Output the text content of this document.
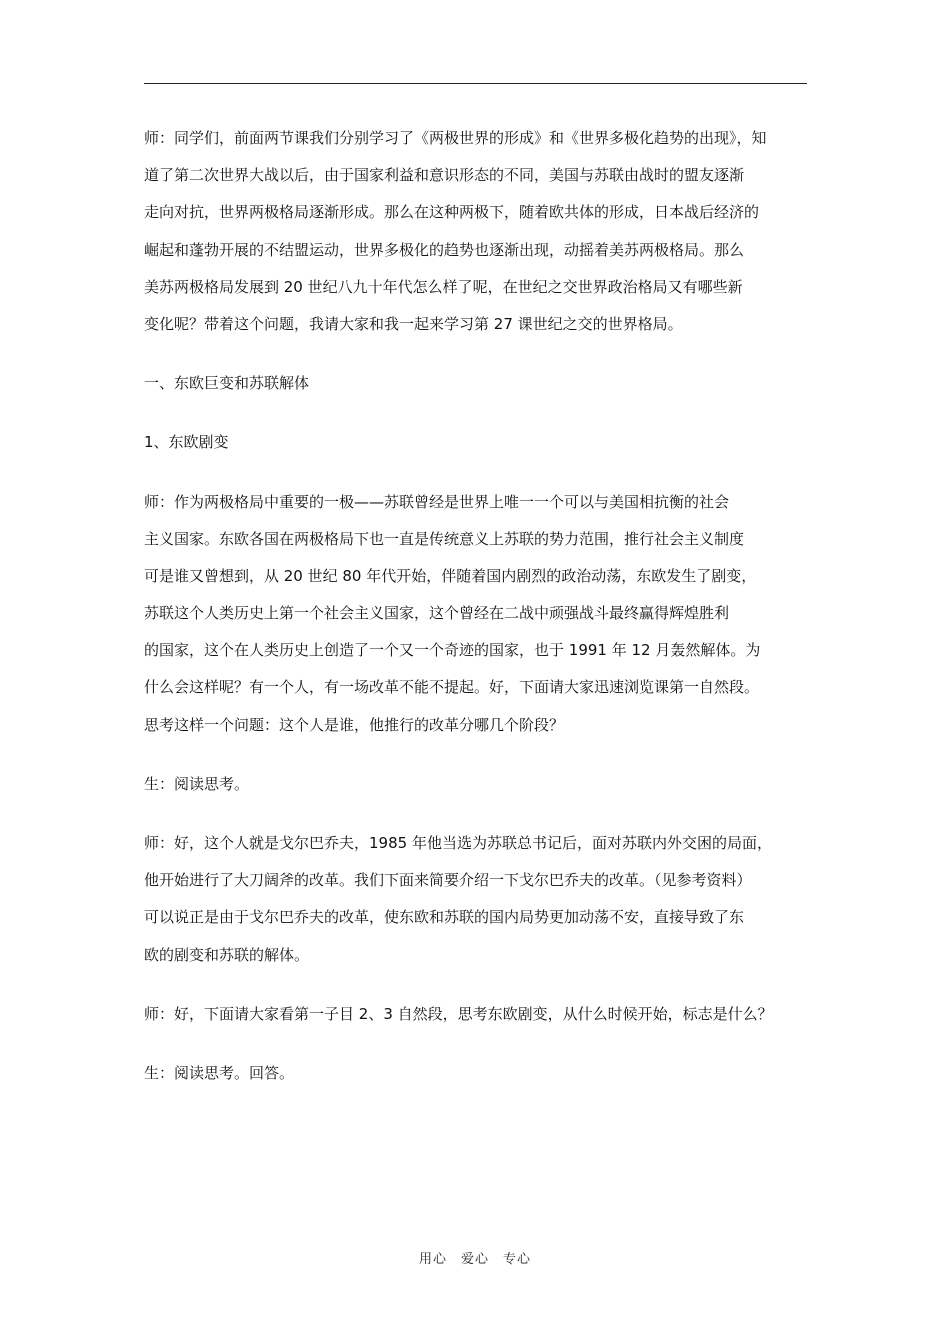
师：同学们，前面两节课我们分别学习了《两极世界的形成》和《世界多极化趋势的出现》，知
道了第二次世界大战以后，由于国家利益和意识形态的不同，美国与苏联由战时的盟友逐渐
走向对抗，世界两极格局逐渐形成。那么在这种两极下，随着欧共体的形成，日本战后经济的
崛起和蓬勃开展的不结盟运动，世界多极化的趋势也逐渐出现，动摇着美苏两极格局。那么
美苏两极格局发展到 20 世纪八九十年代怎么样了呢，在世纪之交世界政治格局又有哪些新
变化呢？带着这个问题，我请大家和我一起来学习第 27 课世纪之交的世界格局。
一、东欧巨变和苏联解体
1、东欧剧变
师：作为两极格局中重要的一极——苏联曾经是世界上唯一一个可以与美国相抗衡的社会
主义国家。东欧各国在两极格局下也一直是传统意义上苏联的势力范围，推行社会主义制度
可是谁又曾想到，从 20 世纪 80 年代开始，伴随着国内剧烈的政治动荡，东欧发生了剧变，
苏联这个人类历史上第一个社会主义国家，这个曾经在二战中顽强战斗最终赢得辉煌胜利
的国家，这个在人类历史上创造了一个又一个奇迹的国家，也于 1991 年 12 月轰然解体。为
什么会这样呢？有一个人，有一场改革不能不提起。好，下面请大家迅速浏览课第一自然段。
思考这样一个问题：这个人是谁，他推行的改革分哪几个阶段？
生：阅读思考。
师：好，这个人就是戈尔巴乔夫，1985 年他当选为苏联总书记后，面对苏联内外交困的局面，
他开始进行了大刀阔斧的改革。我们下面来简要介绍一下戈尔巴乔夫的改革。（见参考资料）
可以说正是由于戈尔巴乔夫的改革，使东欧和苏联的国内局势更加动荡不安，直接导致了东
欧的剧变和苏联的解体。
师：好，下面请大家看第一子目 2、3 自然段，思考东欧剧变，从什么时候开始，标志是什么？
生：阅读思考。回答。
用心　爱心　专心
